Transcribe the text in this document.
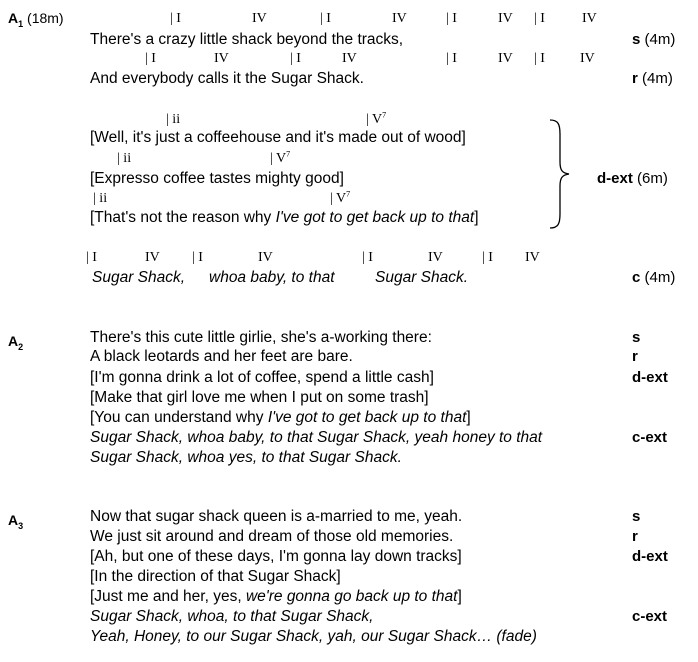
$A_1$ (18m)	| I	IV	| I	IV	| I	IV | I	IV
There's a crazy little shack beyond the tracks,	s (4m)
| I	IV	| I	IV	| I	IV | I	IV
And everybody calls it the Sugar Shack.	r (4m)
| ii	| $V^7$
[Well, it's just a coffeehouse and it's made out of wood]
| ii	| $V^7$
[Expresso coffee tastes mighty good]	d-ext (6m)
| ii	| $V^7$
[That's not the reason why I've got to get back up to that]
| I	IV | I	IV	| I	IV	| I IV
Sugar Shack, whoa baby, to that	Sugar Shack.	c (4m)
$A_2$
There's this cute little girlie, she's a-working there:	s
A black leotards and her feet are bare.	r
[I'm gonna drink a lot of coffee, spend a little cash]	d-ext
[Make that girl love me when I put on some trash]
[You can understand why I've got to get back up to that]
Sugar Shack, whoa baby, to that Sugar Shack, yeah honey to that	c-ext
Sugar Shack, whoa yes, to that Sugar Shack.
$A_3$
Now that sugar shack queen is a-married to me, yeah.	s
We just sit around and dream of those old memories.	r
[Ah, but one of these days, I'm gonna lay down tracks]	d-ext
[In the direction of that Sugar Shack]
[Just me and her, yes, we're gonna go back up to that]
Sugar Shack, whoa, to that Sugar Shack,	c-ext
Yeah, Honey, to our Sugar Shack, yah, our Sugar Shack… (fade)
